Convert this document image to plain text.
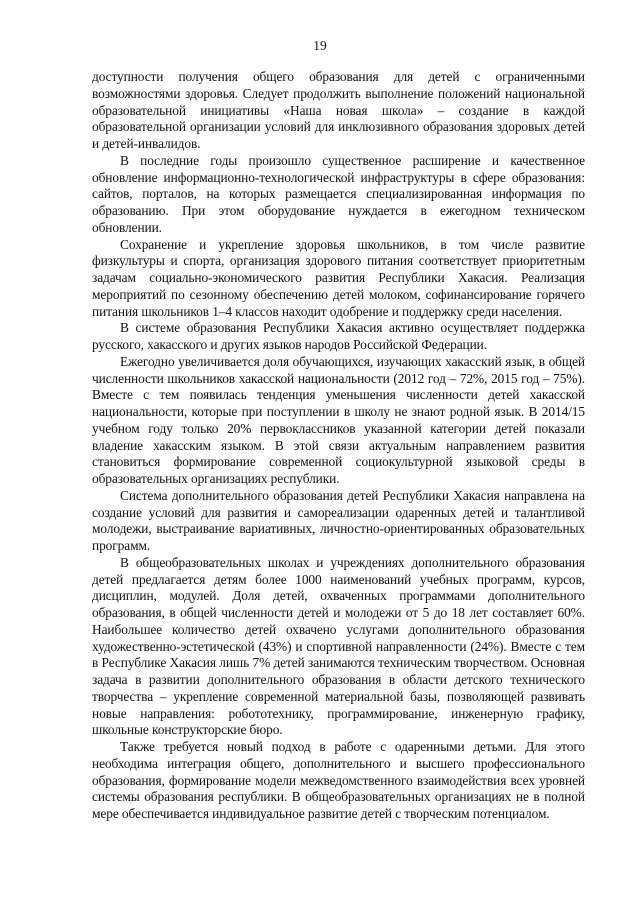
19

доступности получения общего образования для детей с ограниченными возможностями здоровья. Следует продолжить выполнение положений национальной образовательной инициативы «Наша новая школа» – создание в каждой образовательной организации условий для инклюзивного образования здоровых детей и детей-инвалидов.

В последние годы произошло существенное расширение и качественное обновление информационно-технологической инфраструктуры в сфере образования: сайтов, порталов, на которых размещается специализированная информация по образованию. При этом оборудование нуждается в ежегодном техническом обновлении.

Сохранение и укрепление здоровья школьников, в том числе развитие физкультуры и спорта, организация здорового питания соответствует приоритетным задачам социально-экономического развития Республики Хакасия. Реализация мероприятий по сезонному обеспечению детей молоком, софинансирование горячего питания школьников 1–4 классов находит одобрение и поддержку среди населения.

В системе образования Республики Хакасия активно осуществляет поддержка русского, хакасского и других языков народов Российской Федерации.

Ежегодно увеличивается доля обучающихся, изучающих хакасский язык, в общей численности школьников хакасской национальности (2012 год – 72%, 2015 год – 75%). Вместе с тем появилась тенденция уменьшения численности детей хакасской национальности, которые при поступлении в школу не знают родной язык. В 2014/15 учебном году только 20% первоклассников указанной категории детей показали владение хакасским языком. В этой связи актуальным направлением развития становиться формирование современной социокультурной языковой среды в образовательных организациях республики.

Система дополнительного образования детей Республики Хакасия направлена на создание условий для развития и самореализации одаренных детей и талантливой молодежи, выстраивание вариативных, личностно-ориентированных образовательных программ.

В общеобразовательных школах и учреждениях дополнительного образования детей предлагается детям более 1000 наименований учебных программ, курсов, дисциплин, модулей. Доля детей, охваченных программами дополнительного образования, в общей численности детей и молодежи от 5 до 18 лет составляет 60%. Наибольшее количество детей охвачено услугами дополнительного образования художественно-эстетической (43%) и спортивной направленности (24%). Вместе с тем в Республике Хакасия лишь 7% детей занимаются техническим творчеством. Основная задача в развитии дополнительного образования в области детского технического творчества – укрепление современной материальной базы, позволяющей развивать новые направления: робототехнику, программирование, инженерную графику, школьные конструкторские бюро.

Также требуется новый подход в работе с одаренными детьми. Для этого необходима интеграция общего, дополнительного и высшего профессионального образования, формирование модели межведомственного взаимодействия всех уровней системы образования республики. В общеобразовательных организациях не в полной мере обеспечивается индивидуальное развитие детей с творческим потенциалом.
